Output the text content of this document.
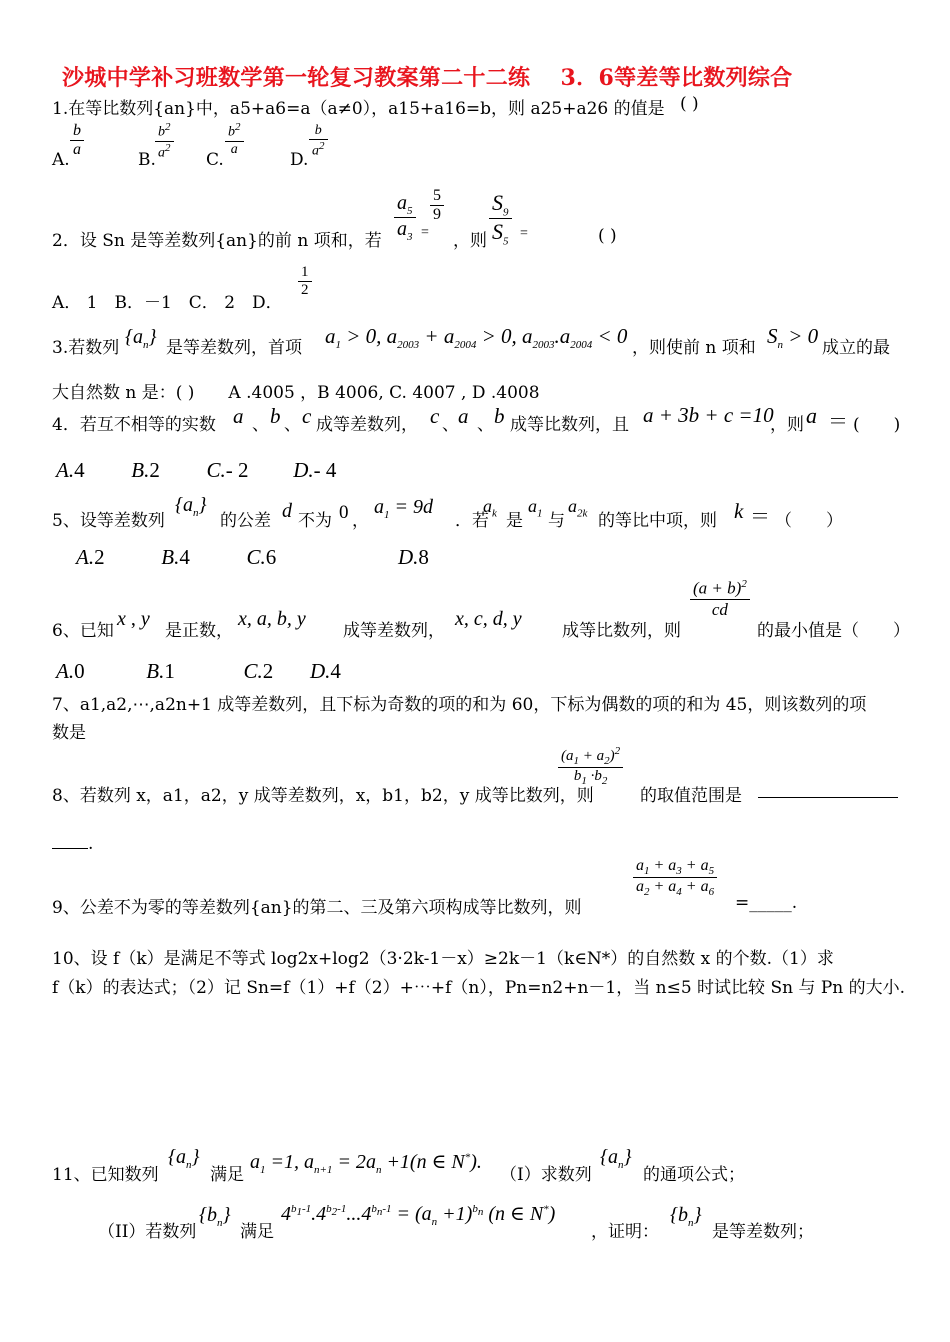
沙城中学补习班数学第一轮复习教案第二十二练　 3．6等差等比数列综合
1.在等比数列{an}中，a5+a6=a（a≠0），a15+a16=b，则 a25+a26 的值是 ( )
A.
$\frac{b}{a}$
B. $\frac{b^2}{a^2} C$.
$\frac{b^2}{a}$
D.
$\frac{b}{a^2}$
2．设 Sn 是等差数列{an}的前 n 项和，若 $\frac{a_5}{a_3}$ =
$\frac{5}{9}$
，则 $\frac{S_9}{S_5}$ =	( )
A． 1　B．－1　C． 2　D．
$\frac{1}{2}$
3.若数列 $\{a_n\}$ 是等差数列，首项 $a_1 > 0$, $a_{2003} + a_{2004} > 0$, $a_{2003}.a_{2004} < 0$ ，则使前 n 项和 $S_n > 0$ 成立的最
大自然数 n 是：( )　　A .4005 ，B 4006, C. 4007 , D .4008
4．若互不相等的实数 a 、 b 、 c 成等差数列， c 、 a 、 b 成等比数列，且 a + 3b + c =10
，则 a ＝ (　　)
A.4 B.2 C.- 2 D.- 4
5、设等差数列
$\{a_n\}$
的公差 d 不为 0 ，
$a_1 = 9d$
．若
$a_k$ 是
$a_1$ 与
$a_{2k}$ 的等比中项，则 k ＝ （　　）
A.2	B.4	C.6	D.8
6、已知
x , y
是正数，
x, a, b, y
成等差数列，
x, c, d, y
成等比数列，则
$\frac{(a + b)^2}{cd}$
的最小值是（　　）
A.0	B.1	C.2 D.4
7、a1,a2,⋯,a2n+1 成等差数列，且下标为奇数的项的和为 60，下标为偶数的项的和为 45，则该数列的项
数是
8、若数列 x，a1，a2，y 成等差数列，x，b1，b2，y 成等比数列，则
$\frac{(a_1 + a_2)^2}{b_1 \cdot b_2}$
的取值范围是
.
9、公差不为零的等差数列{an}的第二、三及第六项构成等比数列，则
$\frac{a_1 + a_3 + a_5}{a_2 + a_4 + a_6}$
=_____.
10、设 f（k）是满足不等式 log2x+log2（3·2k-1－x）≥2k－1（k∈N*）的自然数 x 的个数.（1）求
f（k）的表达式；（2）记 Sn=f（1）+f（2）+⋯+f（n），Pn=n2+n－1，当 n≤5 时试比较 Sn 与 Pn 的大小.
11、已知数列
$\{a_n\}$
满足
$a_1 =1$, $a_{n+1} = 2a_n +1(n$ ∈ N*).
（I）求数列
$\{a_n\}$
的通项公式；
（II）若数列
$\{b_n\}$
满足
$4^{b_1-1}.4^{b_2-1}...4^{b_n-1} = (a_n +1)^{b_n}$ (n ∈ N*)
，证明：
$\{b_n\}$
是等差数列；
